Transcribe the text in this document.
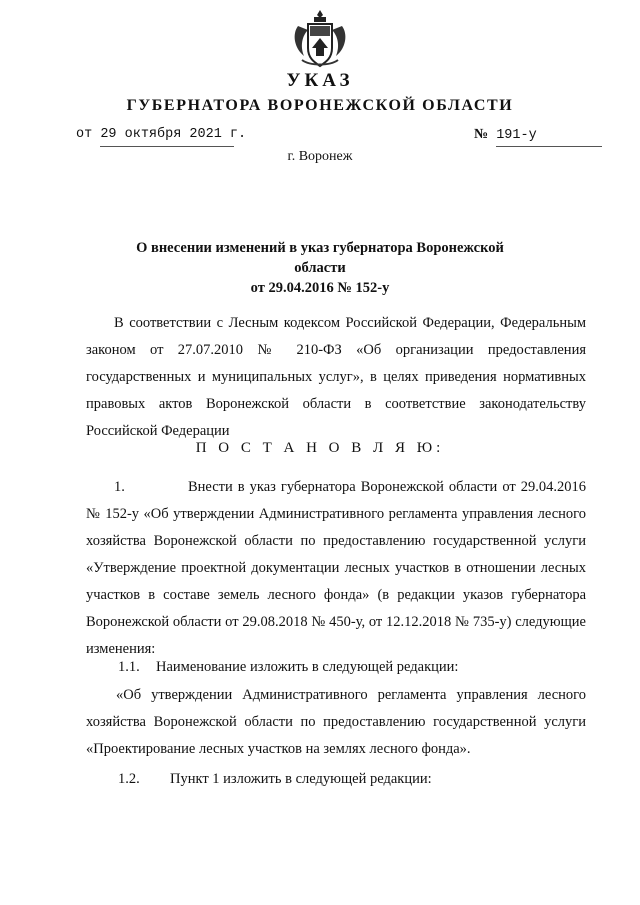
УКАЗ
ГУБЕРНАТОРА ВОРОНЕЖСКОЙ ОБЛАСТИ
от 29 октября 2021 г.	№ 191-у
г. Воронеж
О внесении изменений в указ губернатора Воронежской области
от 29.04.2016 № 152-у
В соответствии с Лесным кодексом Российской Федерации, Федеральным законом от 27.07.2010 № 210-ФЗ «Об организации предоставления государственных и муниципальных услуг», в целях приведения нормативных правовых актов Воронежской области в соответствие законодательству Российской Федерации
П О С Т А Н О В Л Я Ю:
1.	Внести в указ губернатора Воронежской области от 29.04.2016 № 152-у «Об утверждении Административного регламента управления лесного хозяйства Воронежской области по предоставлению государственной услуги «Утверждение проектной документации лесных участков в отношении лесных участков в составе земель лесного фонда» (в редакции указов губернатора Воронежской области от 29.08.2018 № 450-у, от 12.12.2018 № 735-у) следующие изменения:
1.1. Наименование изложить в следующей редакции:
«Об утверждении Административного регламента управления лесного хозяйства Воронежской области по предоставлению государственной услуги «Проектирование лесных участков на землях лесного фонда».
1.2. Пункт 1 изложить в следующей редакции:
